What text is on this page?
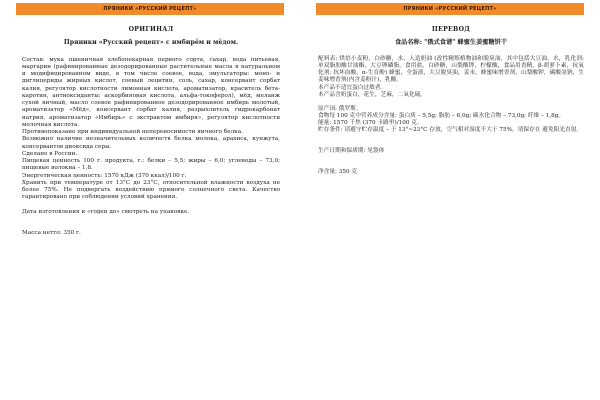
ПРЯНИКИ «РУССКИЙ РЕЦЕПТ»
ОРИГИНАЛ
Пряники «Русский рецепт» с имбирём и мёдом.

Состав: мука пшеничная хлебопекарная первого сорта, сахар, вода питьевая, маргарин (рафинированные дезодорированные растительные масла в натуральном и модифицированном виде, в том числе соевое, вода, эмульгаторы: моно- и диглицериды жирных кислот, соевый лецитин, соль, сахар, консервант сорбат калия, регулятор кислотности лимонная кислота, ароматизатор, краситель бета-каротин, антиоксиданты: аскорбиновая кислота, альфа-токоферол), мёд, меланж сухой яичный, масло соевое рафинированное дезодорированное имбирь молотый, ароматизатор «Мёд», консервант сорбат калия, разрыхлитель гидрокарбонат натрия, ароматизатор «Имбирь» с экстрактом имбиря», регулятор кислотности молочная кислота.

Противопоказано при индивидуальной непереносимости яичного белка.

Возможно наличие незначительных количеств белка молока, арахиса, кунжута, консервантов диоксида серы.

Сделано в России.

Пищевая ценность 100 г. продукта, г.: белки – 5,5; жиры – 6,0; углеводы – 73,0; пищевые волокна – 1,8.

Энергетическая ценность: 1570 кДж (370 ккал)/100 г.

Хранить при температуре от 13°С до 23°С, относительной влажности воздуха не более 75%. Не подвергать воздействию прямого солнечного света. Качество гарантировано при соблюдении условий хранения.

Дата изготовления и «годен до» смотреть на упаковке.

Масса нетто: 350 г.

ПРЯНИКИ «РУССКИЙ РЕЦЕПТ»
ПЕРЕВОД
食品名称: "俄式食谱" 蜂蜜生姜蜜糖饼干

配料表: 烘焙小麦粉，白砂糖，水，人造奶油 (改性精炼植物油和脱臭油，其中包括大豆油，水，乳化剂: 单双脂肪酸甘油酯，大豆卵磷脂，食用盐，白砂糖，山梨酸钾，柠檬酸，食品用香精，β-胡萝卜素，抗氧化剂: 抗坏血酸，α-生育酚) 蜂蜜，全蛋液，大豆脱臭油，姜末，蜂蜜味增香剂，山梨酸钾，碳酸氢钠，生姜味增香剂(内含姜粉汁)，乳酸。

本产品不适宜蛋白过敏者。

本产品含奶蛋白，花生，芝麻，二氧化硫。

原产国: 俄罗斯。

食物每 100 克中营养成分含量: 蛋白质 – 5,5g; 脂肪 – 6,0g; 碳水化合物 – 73,0g; 纤维 – 1,8g。

能量: 1570 千焦 (370 卡路里)/100 克。

贮存条件: 请避守贮存温度 – 于 13°~23°C 存放，空气相对湿度不大于 75%，请保存在 避免阳光直射。

生产日期和保质期: 见袋体

净含量: 350 克
